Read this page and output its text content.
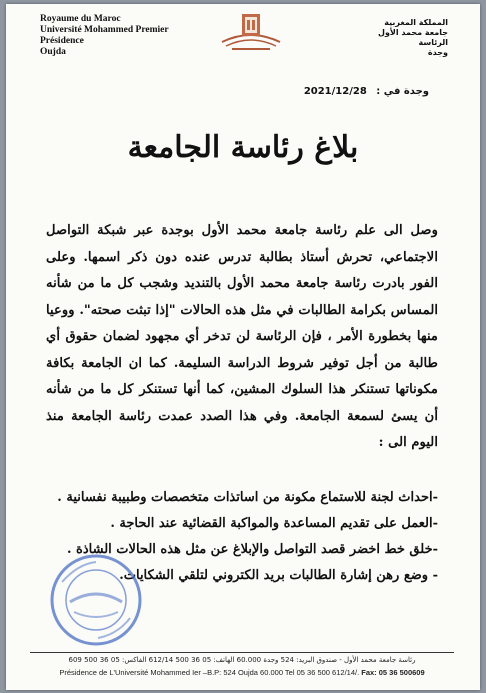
Royaume du Maroc
Université Mohammed Premier
Présidence
Oujda
المملكة المغربية
جامعة محمد الأول
الرئاسة
وجدة
وجدة في : 2021/12/28
بلاغ رئاسة الجامعة

وصل الى علم رئاسة جامعة محمد الأول بوجدة عبر شبكة التواصل الاجتماعي، تحرش أستاذ بطالبة تدرس عنده دون ذكر اسمها. وعلى الفور بادرت رئاسة جامعة محمد الأول بالتنديد وشجب كل ما من شأنه المساس بكرامة الطالبات في مثل هذه الحالات "إذا تبثت صحته". ووعيا منها بخطورة الأمر ، فإن الرئاسة لن تدخر أي مجهود لضمان حقوق أي طالبة من أجل توفير شروط الدراسة السليمة. كما ان الجامعة بكافة مكوناتها تستنكر هذا السلوك المشين، كما أنها تستنكر كل ما من شأنه أن يسئ لسمعة الجامعة. وفي هذا الصدد عمدت رئاسة الجامعة منذ اليوم الى :

-احداث لجنة للاستماع مكونة من اساتذات متخصصات وطبيبة نفسانية .
-العمل على تقديم المساعدة والمواكبة القضائية عند الحاجة .
-خلق خط اخضر قصد التواصل والإبلاغ عن مثل هذه الحالات الشاذة .
- وضع رهن إشارة الطالبات بريد الكتروني لتلقي الشكايات.
رئاسة جامعة محمد الأول - صندوق البريد: 524 وجدة 60.000 الهاتف: 05 36 500 612/14 الفاكس: 05 36 500 609
Présidence de L'Université Mohammed Ier –B.P: 524 Oujda 60.000 Tel 05 36 500 612/14/. Fax: 05 36 500609
